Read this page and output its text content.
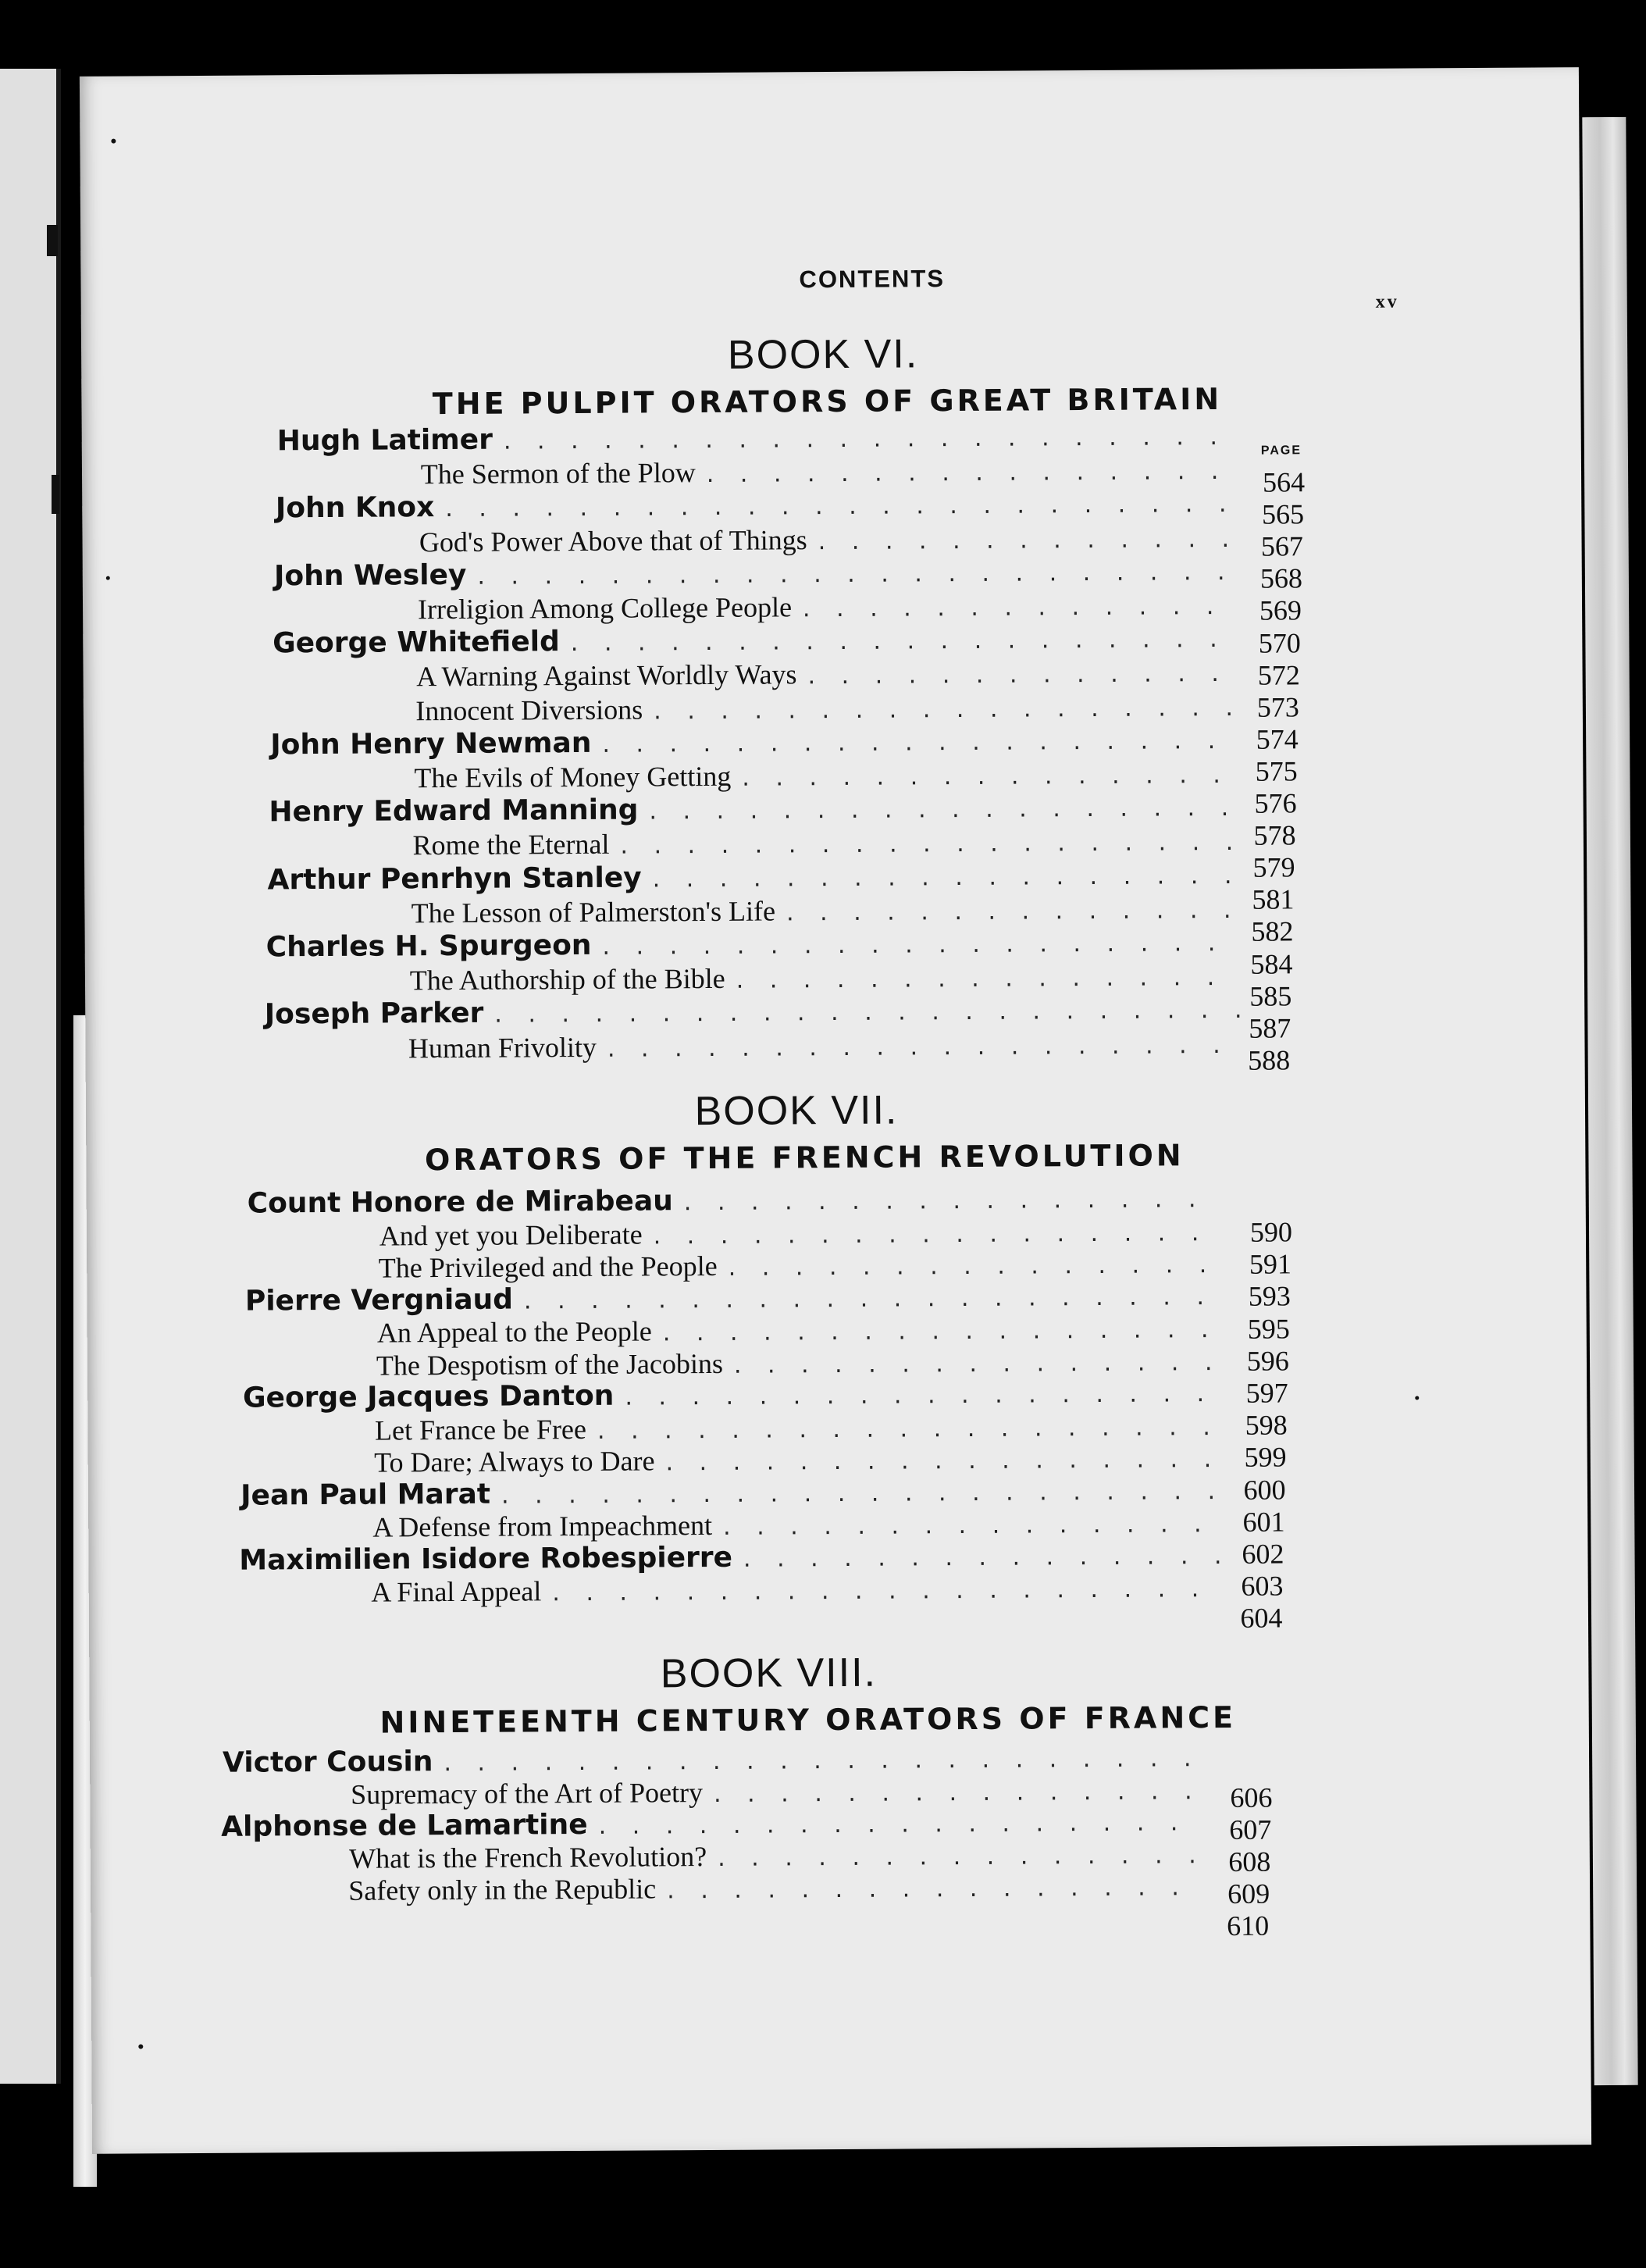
CONTENTS
xv
PAGE
BOOK VI.
THE PULPIT ORATORS OF GREAT BRITAIN
Hugh Latimer
. . .
The Sermon of the Plow
. . .
John Knox
. . .
God's Power Above that of Things
. . .
John Wesley
. . .
Irreligion Among College People
. . .
George Whitefield
. . .
A Warning Against Worldly Ways
. . .
Innocent Diversions
. . .
John Henry Newman
. . .
The Evils of Money Getting
. . .
Henry Edward Manning
. . .
Rome the Eternal
. . .
Arthur Penrhyn Stanley
. . .
The Lesson of Palmerston's Life
. . .
Charles H. Spurgeon
. . .
The Authorship of the Bible
. . .
Joseph Parker
. . .
Human Frivolity
. . .
564
565
567
568
569
570
572
573
574
575
576
578
579
581
582
584
585
587
588
BOOK VII.
ORATORS OF THE FRENCH REVOLUTION
Count Honore de Mirabeau
. . .
And yet you Deliberate
. . .
The Privileged and the People
. . .
Pierre Vergniaud
. . .
An Appeal to the People
. . .
The Despotism of the Jacobins
. . .
George Jacques Danton
. . .
Let France be Free
. . .
To Dare; Always to Dare
. . .
Jean Paul Marat
. . .
A Defense from Impeachment
. . .
Maximilien Isidore Robespierre
. . .
A Final Appeal
. . .
590
591
593
595
596
597
598
599
600
601
602
603
604
BOOK VIII.
NINETEENTH CENTURY ORATORS OF FRANCE
Victor Cousin
. . .
Supremacy of the Art of Poetry
. . .
Alphonse de Lamartine
. . .
What is the French Revolution?
. . .
Safety only in the Republic
. . .
606
607
608
609
610
